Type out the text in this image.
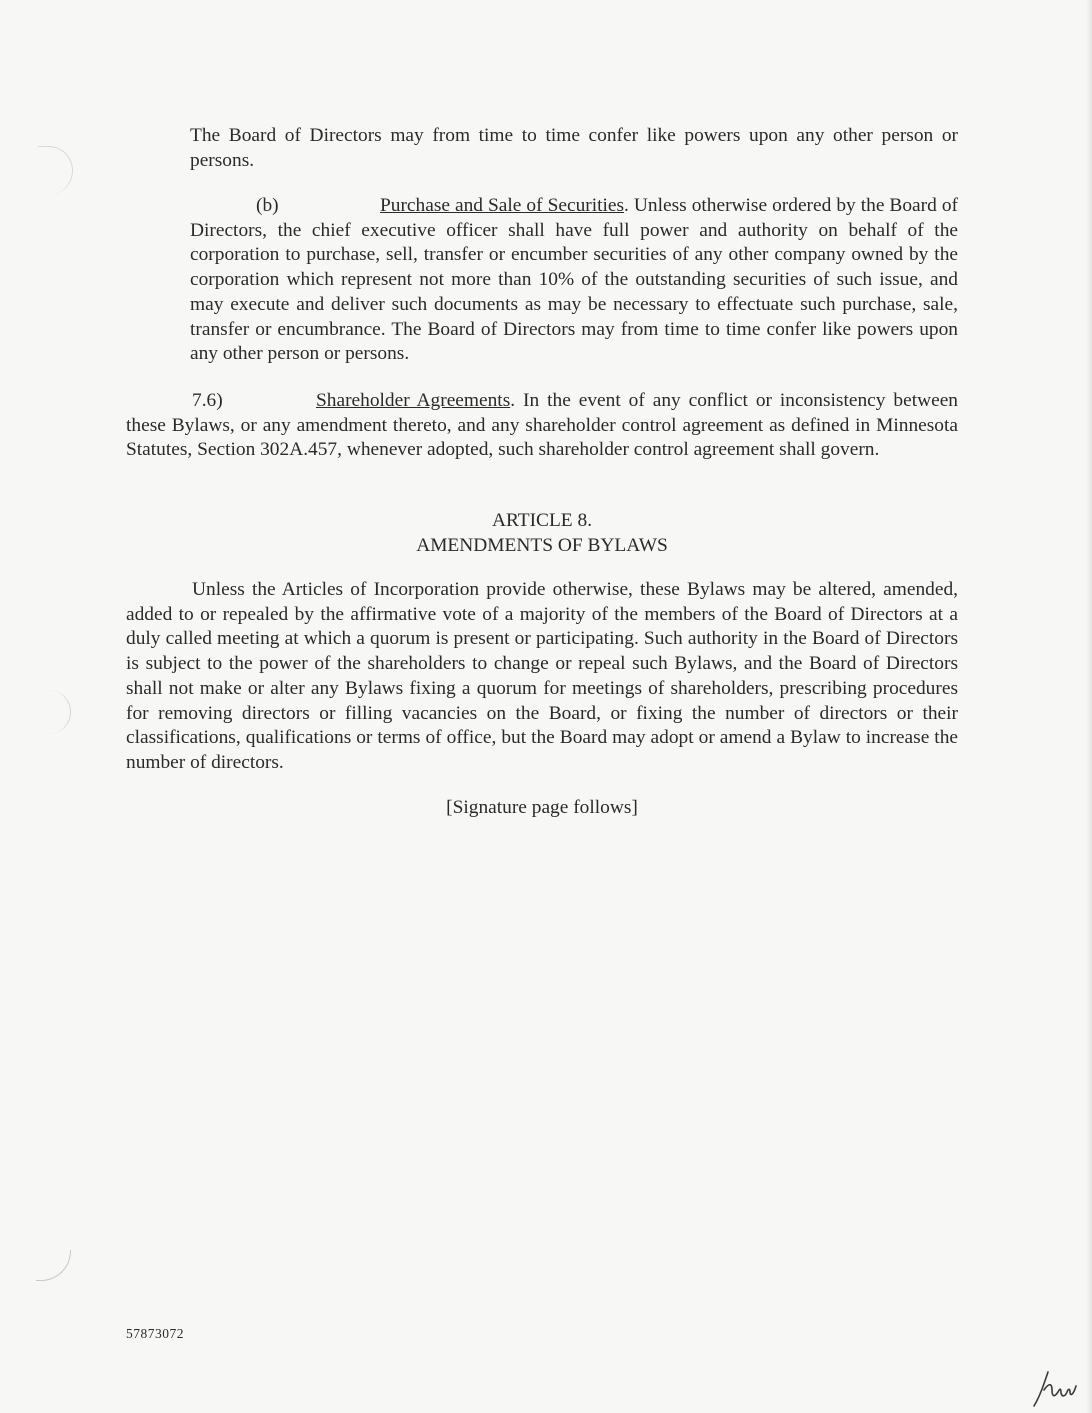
The Board of Directors may from time to time confer like powers upon any other person or persons.

(b)	Purchase and Sale of Securities. Unless otherwise ordered by the Board of Directors, the chief executive officer shall have full power and authority on behalf of the corporation to purchase, sell, transfer or encumber securities of any other company owned by the corporation which represent not more than 10% of the outstanding securities of such issue, and may execute and deliver such documents as may be necessary to effectuate such purchase, sale, transfer or encumbrance. The Board of Directors may from time to time confer like powers upon any other person or persons.

7.6)	Shareholder Agreements. In the event of any conflict or inconsistency between these Bylaws, or any amendment thereto, and any shareholder control agreement as defined in Minnesota Statutes, Section 302A.457, whenever adopted, such shareholder control agreement shall govern.

ARTICLE 8.
AMENDMENTS OF BYLAWS

Unless the Articles of Incorporation provide otherwise, these Bylaws may be altered, amended, added to or repealed by the affirmative vote of a majority of the members of the Board of Directors at a duly called meeting at which a quorum is present or participating. Such authority in the Board of Directors is subject to the power of the shareholders to change or repeal such Bylaws, and the Board of Directors shall not make or alter any Bylaws fixing a quorum for meetings of shareholders, prescribing procedures for removing directors or filling vacancies on the Board, or fixing the number of directors or their classifications, qualifications or terms of office, but the Board may adopt or amend a Bylaw to increase the number of directors.

[Signature page follows]
57873072
